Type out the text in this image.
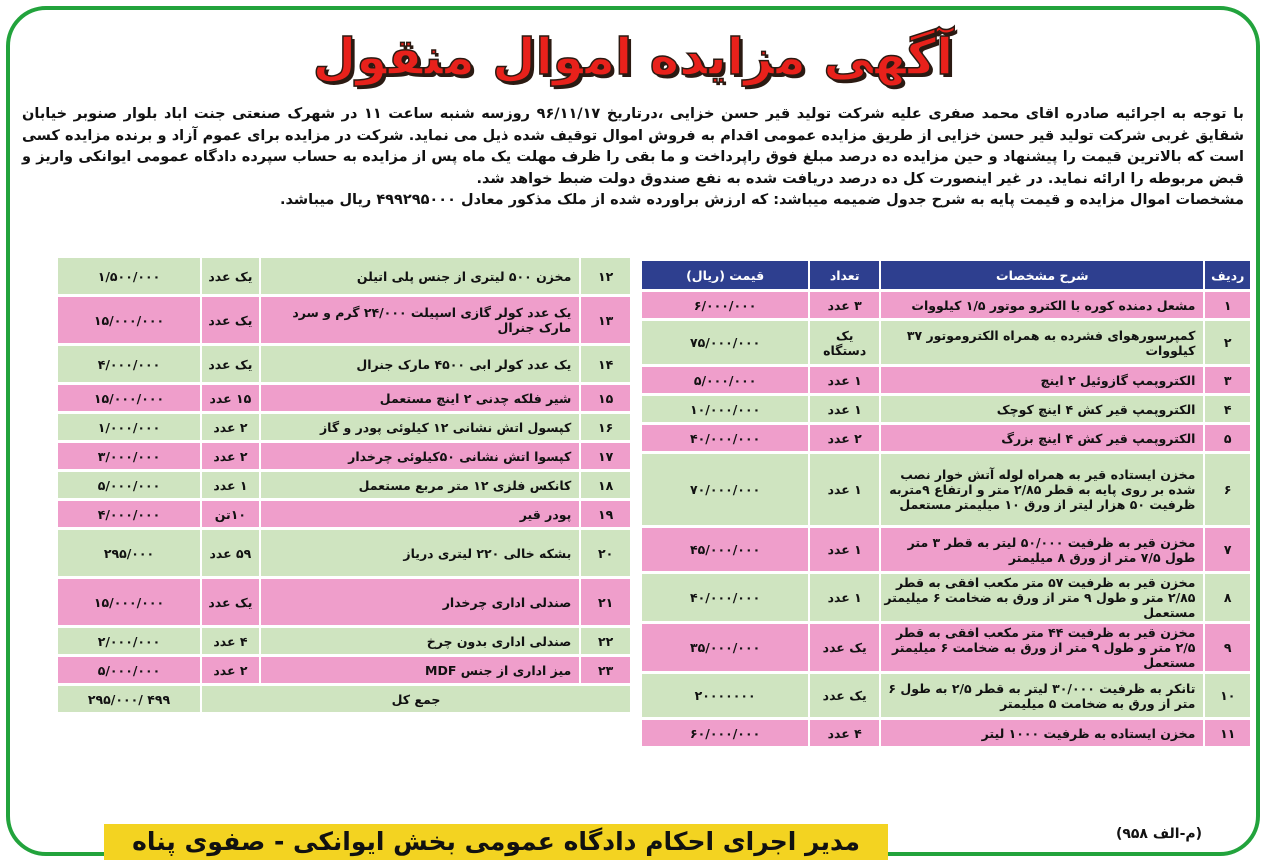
آگهی مزایده اموال منقول

با توجه به اجرائیه صادره اقای محمد صفری علیه شرکت تولید قیر حسن خزایی ،درتاریخ ۹۶/۱۱/۱۷ روزسه شنبه ساعت ۱۱ در شهرک صنعتی جنت اباد بلوار صنوبر خیابان شقایق غربی شرکت تولید قیر حسن خزایی از طریق مزایده عمومی اقدام به فروش اموال توقیف شده ذیل می نماید. شرکت در مزایده برای عموم آزاد و برنده مزایده کسی است که بالاترین قیمت را پیشنهاد و حین مزایده ده درصد مبلغ فوق راپرداخت و ما بقی را ظرف مهلت یک ماه پس از مزایده به حساب سپرده دادگاه عمومی ایوانکی واریز و قبض مربوطه را ارائه نماید. در غیر اینصورت کل ده درصد دریافت شده به نفع صندوق دولت ضبط خواهد شد.

مشخصات اموال مزایده و قیمت پایه به شرح جدول ضمیمه میباشد: که ارزش براورده شده از ملک مذکور معادل ۴۹۹۲۹۵۰۰۰ ریال میباشد.

ردیف	شرح مشخصات	تعداد	قیمت (ریال)
۱	مشعل دمنده کوره با الکترو موتور ۱/۵ کیلووات	۳ عدد	۶/۰۰۰/۰۰۰
۲	کمپرسورهوای فشرده به همراه الکتروموتور ۳۷ کیلووات	یک دستگاه	۷۵/۰۰۰/۰۰۰
۳	الکتروپمپ گازوئیل ۲ اینچ	۱ عدد	۵/۰۰۰/۰۰۰
۴	الکتروپمپ قیر کش ۴ اینچ کوچک	۱ عدد	۱۰/۰۰۰/۰۰۰
۵	الکتروپمپ قیر کش ۴ اینچ بزرگ	۲ عدد	۴۰/۰۰۰/۰۰۰
۶	مخزن ایستاده قیر به همراه لوله آتش خوار نصب شده بر روی پایه به قطر ۲/۸۵ متر و ارتفاع ۹متربه ظرفیت ۵۰ هزار لیتر از ورق ۱۰ میلیمتر مستعمل	۱ عدد	۷۰/۰۰۰/۰۰۰
۷	مخزن قیر به ظرفیت ۵۰/۰۰۰ لیتر به قطر ۳ متر طول ۷/۵ متر از ورق ۸ میلیمتر	۱ عدد	۴۵/۰۰۰/۰۰۰
۸	مخزن قیر به ظرفیت ۵۷ متر مکعب افقی به قطر ۲/۸۵ متر و طول ۹ متر از ورق به ضخامت ۶ میلیمتر مستعمل	۱ عدد	۴۰/۰۰۰/۰۰۰
۹	مخزن قیر به ظرفیت ۴۴ متر مکعب افقی به قطر ۲/۵ متر و طول ۹ متر از ورق به ضخامت ۶ میلیمتر مستعمل	یک عدد	۳۵/۰۰۰/۰۰۰
۱۰	تانکر به ظرفیت ۳۰/۰۰۰ لیتر به قطر ۲/۵ به طول ۶ متر از ورق به ضخامت ۵ میلیمتر	یک عدد	۲۰۰۰۰۰۰۰
۱۱	مخزن ایستاده به ظرفیت ۱۰۰۰ لیتر	۴ عدد	۶۰/۰۰۰/۰۰۰
۱۲	مخزن ۵۰۰ لیتری از جنس پلی اتیلن	یک عدد	۱/۵۰۰/۰۰۰
۱۳	یک عدد کولر گازی اسپیلت ۲۴/۰۰۰ گرم و سرد مارک جنرال	یک عدد	۱۵/۰۰۰/۰۰۰
۱۴	یک عدد کولر ابی ۴۵۰۰ مارک جنرال	یک عدد	۴/۰۰۰/۰۰۰
۱۵	شیر فلکه چدنی ۲ اینچ مستعمل	۱۵ عدد	۱۵/۰۰۰/۰۰۰
۱۶	کپسول اتش نشانی ۱۲ کیلوئی پودر و گاز	۲ عدد	۱/۰۰۰/۰۰۰
۱۷	کپسوا اتش نشانی ۵۰کیلوئی چرخدار	۲ عدد	۳/۰۰۰/۰۰۰
۱۸	کانکس فلزی ۱۲ متر مربع مستعمل	۱ عدد	۵/۰۰۰/۰۰۰
۱۹	پودر قیر	۱۰تن	۴/۰۰۰/۰۰۰
۲۰	بشکه خالی ۲۲۰ لیتری دریاز	۵۹ عدد	۲۹۵/۰۰۰
۲۱	صندلی اداری چرخدار	یک عدد	۱۵/۰۰۰/۰۰۰
۲۲	صندلی اداری بدون چرخ	۴ عدد	۲/۰۰۰/۰۰۰
۲۳	میز اداری از جنس MDF	۲ عدد	۵/۰۰۰/۰۰۰
جمع کل			۴۹۹ /۲۹۵/۰۰۰
(م-الف ۹۵۸)
مدیر اجرای احکام دادگاه عمومی بخش ایوانکی - صفوی پناه
